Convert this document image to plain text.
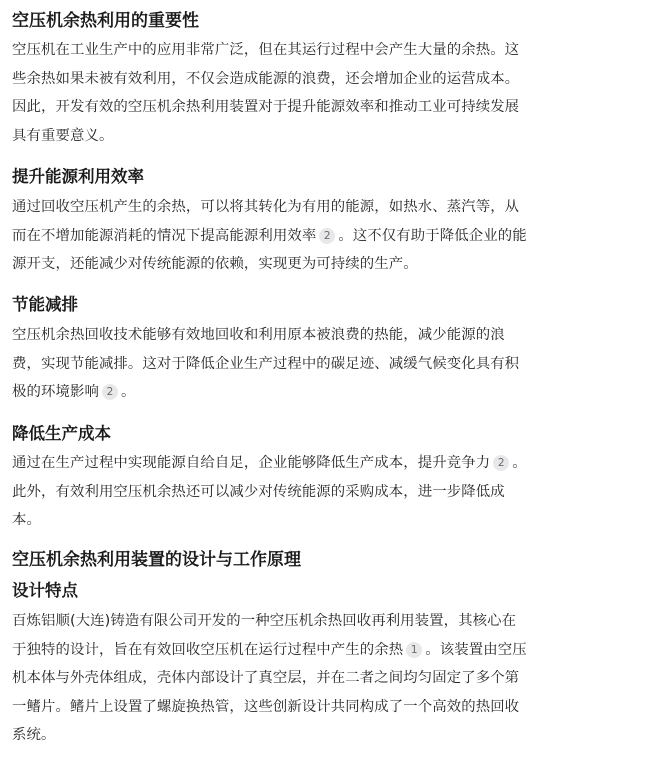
空压机余热利用的重要性

空压机在工业生产中的应用非常广泛，但在其运行过程中会产生大量的余热。这
些余热如果未被有效利用，不仅会造成能源的浪费，还会增加企业的运营成本。
因此，开发有效的空压机余热利用装置对于提升能源效率和推动工业可持续发展
具有重要意义。

提升能源利用效率

通过回收空压机产生的余热，可以将其转化为有用的能源，如热水、蒸汽等，从
而在不增加能源消耗的情况下提高能源利用效率 2 。这不仅有助于降低企业的能
源开支，还能减少对传统能源的依赖，实现更为可持续的生产。

节能减排

空压机余热回收技术能够有效地回收和利用原本被浪费的热能，减少能源的浪
费，实现节能减排。这对于降低企业生产过程中的碳足迹、减缓气候变化具有积
极的环境影响 2 。

降低生产成本

通过在生产过程中实现能源自给自足，企业能够降低生产成本，提升竞争力 2 。
此外，有效利用空压机余热还可以减少对传统能源的采购成本，进一步降低成
本。

空压机余热利用装置的设计与工作原理
设计特点

百炼铝顺(大连)铸造有限公司开发的一种空压机余热回收再利用装置，其核心在
于独特的设计，旨在有效回收空压机在运行过程中产生的余热 1 。该装置由空压
机本体与外壳体组成，壳体内部设计了真空层，并在二者之间均匀固定了多个第
一鳍片。鳍片上设置了螺旋换热管，这些创新设计共同构成了一个高效的热回收
系统。
